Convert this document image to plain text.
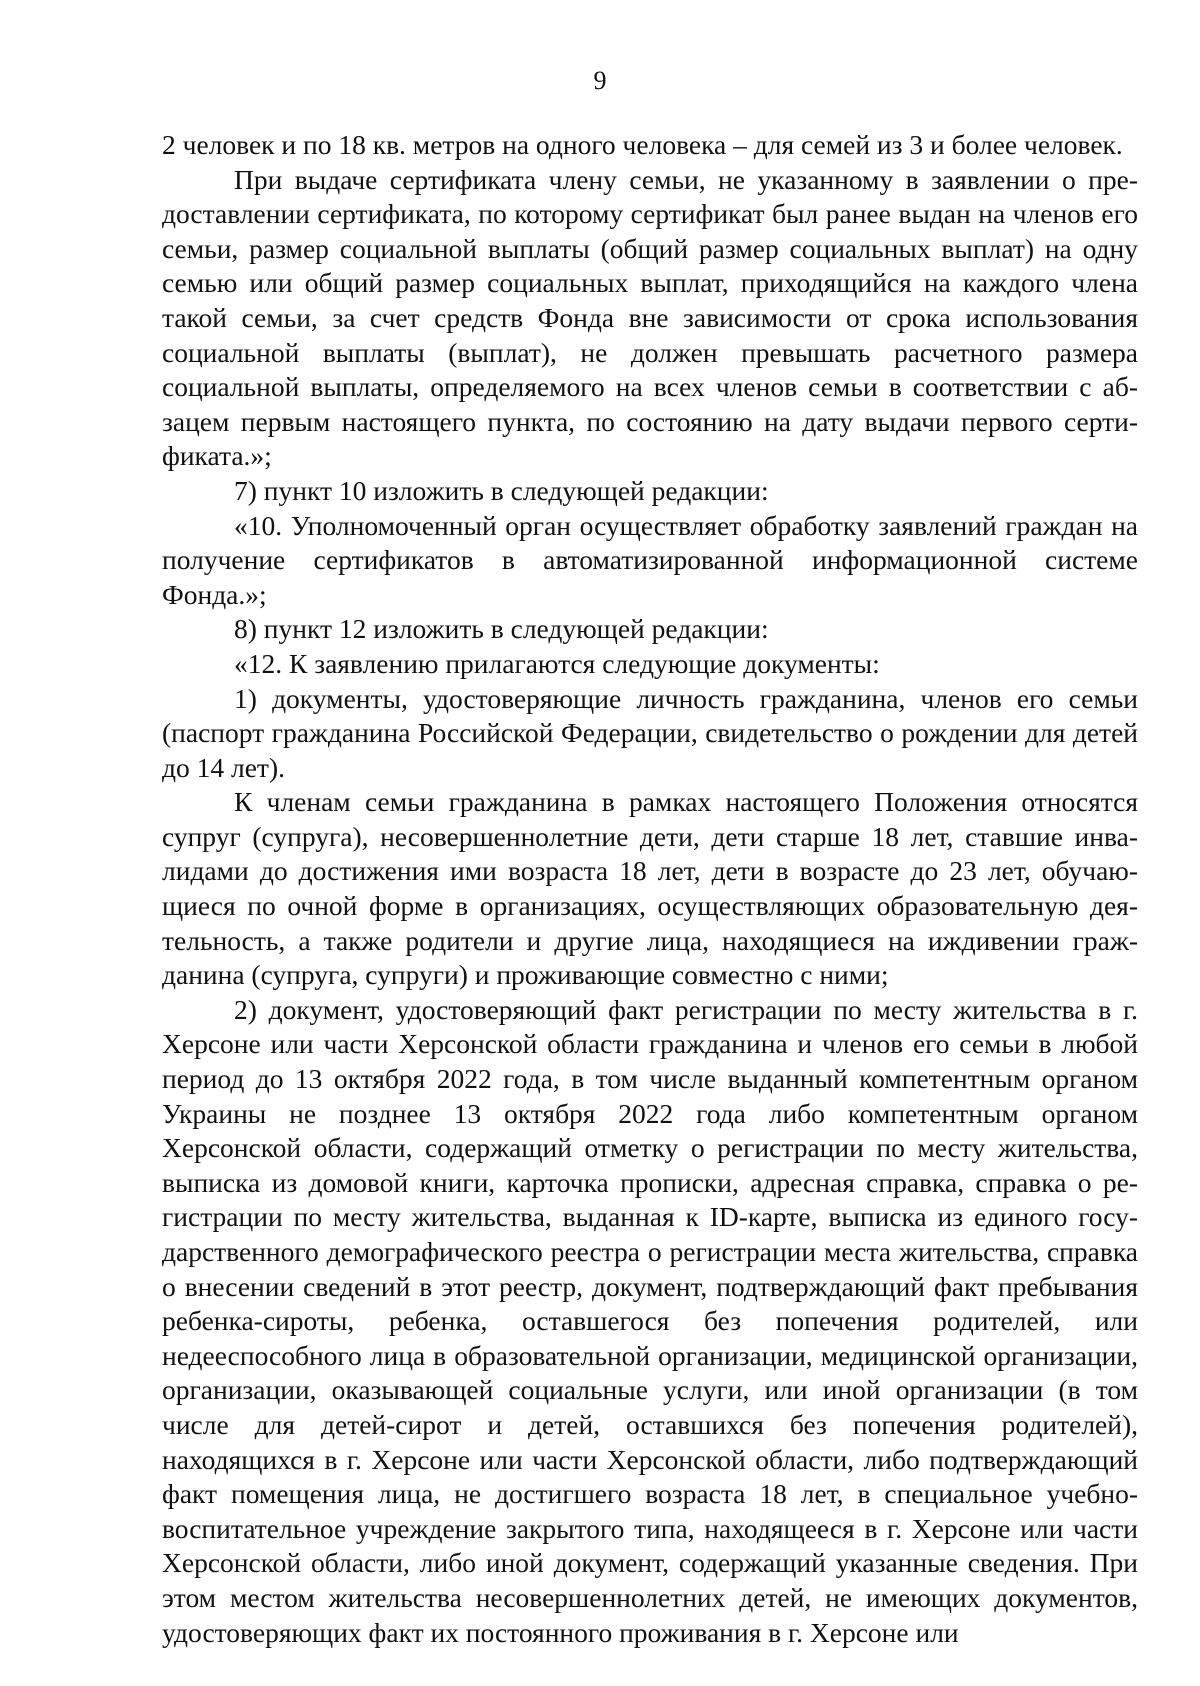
9

2 человек и по 18 кв. метров на одного человека – для семей из 3 и более человек.

При выдаче сертификата члену семьи, не указанному в заявлении о предоставлении сертификата, по которому сертификат был ранее выдан на членов его семьи, размер социальной выплаты (общий размер социальных выплат) на одну семью или общий размер социальных выплат, приходящийся на каждого члена такой семьи, за счет средств Фонда вне зависимости от срока использования социальной выплаты (выплат), не должен превышать расчетного размера социальной выплаты, определяемого на всех членов семьи в соответствии с абзацем первым настоящего пункта, по состоянию на дату выдачи первого сертификата.»;

7) пункт 10 изложить в следующей редакции:

«10. Уполномоченный орган осуществляет обработку заявлений граждан на получение сертификатов в автоматизированной информационной системе Фонда.»;

8) пункт 12 изложить в следующей редакции:

«12. К заявлению прилагаются следующие документы:

1) документы, удостоверяющие личность гражданина, членов его семьи (паспорт гражданина Российской Федерации, свидетельство о рождении для детей до 14 лет).

К членам семьи гражданина в рамках настоящего Положения относятся супруг (супруга), несовершеннолетние дети, дети старше 18 лет, ставшие инвалидами до достижения ими возраста 18 лет, дети в возрасте до 23 лет, обучающиеся по очной форме в организациях, осуществляющих образовательную деятельность, а также родители и другие лица, находящиеся на иждивении гражданина (супруга, супруги) и проживающие совместно с ними;

2) документ, удостоверяющий факт регистрации по месту жительства в г. Херсоне или части Херсонской области гражданина и членов его семьи в любой период до 13 октября 2022 года, в том числе выданный компетентным органом Украины не позднее 13 октября 2022 года либо компетентным органом Херсонской области, содержащий отметку о регистрации по месту жительства, выписка из домовой книги, карточка прописки, адресная справка, справка о регистрации по месту жительства, выданная к ID-карте, выписка из единого государственного демографического реестра о регистрации места жительства, справка о внесении сведений в этот реестр, документ, подтверждающий факт пребывания ребенка-сироты, ребенка, оставшегося без попечения родителей, или недееспособного лица в образовательной организации, медицинской организации, организации, оказывающей социальные услуги, или иной организации (в том числе для детей-сирот и детей, оставшихся без попечения родителей), находящихся в г. Херсоне или части Херсонской области, либо подтверждающий факт помещения лица, не достигшего возраста 18 лет, в специальное учебно-воспитательное учреждение закрытого типа, находящееся в г. Херсоне или части Херсонской области, либо иной документ, содержащий указанные сведения. При этом местом жительства несовершеннолетних детей, не имеющих документов, удостоверяющих факт их постоянного проживания в г. Херсоне или
